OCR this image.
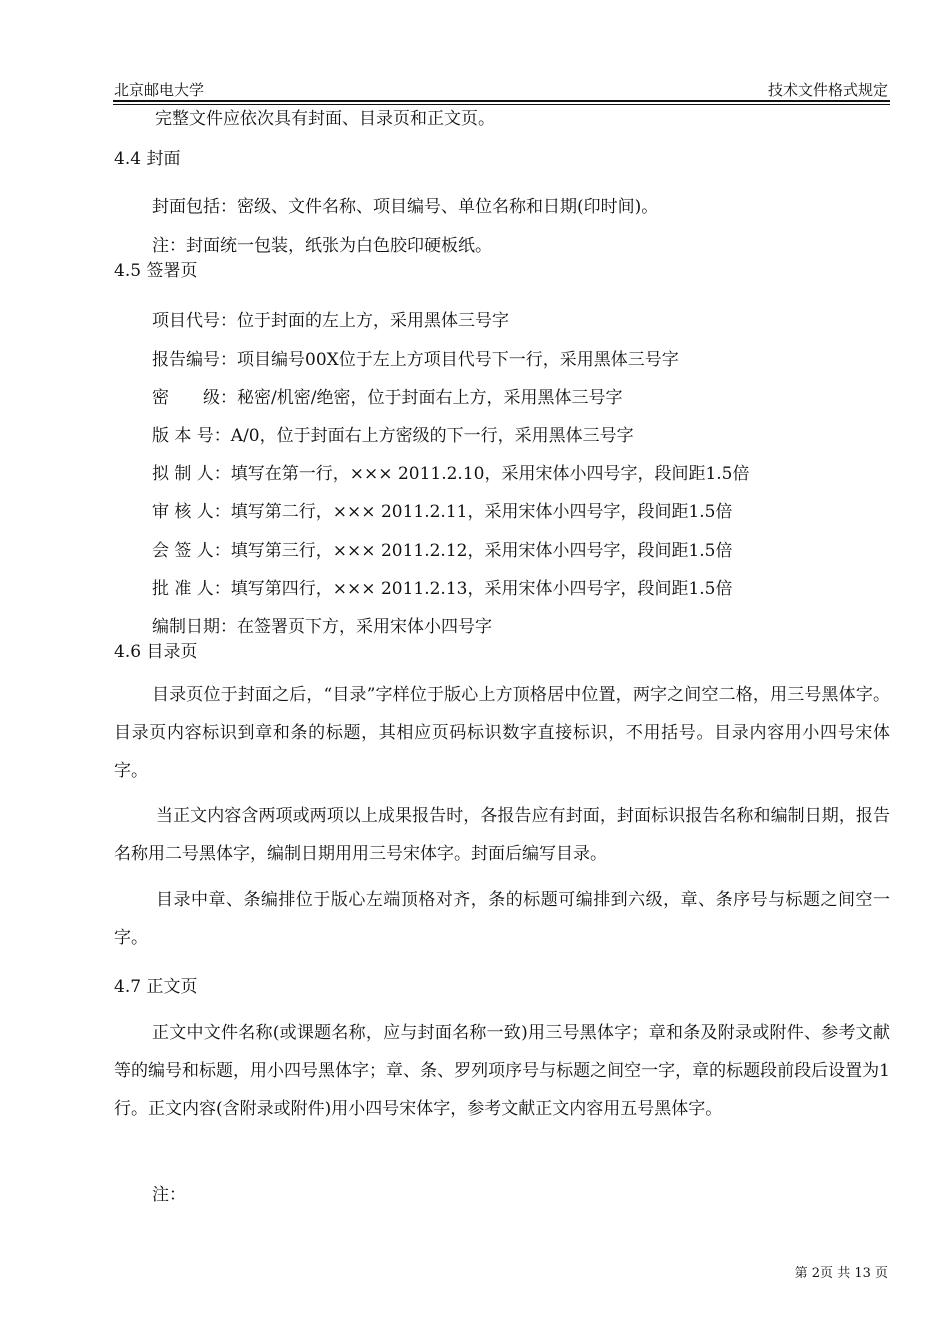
北京邮电大学	技术文件格式规定
完整文件应依次具有封面、目录页和正文页。
4.4 封面
封面包括：密级、文件名称、项目编号、单位名称和日期(印时间)。
注：封面统一包装，纸张为白色胶印硬板纸。
4.5 签署页
项目代号：位于封面的左上方，采用黑体三号字
报告编号：项目编号00X位于左上方项目代号下一行，采用黑体三号字
密　　级：秘密/机密/绝密，位于封面右上方，采用黑体三号字
版 本 号：A/0，位于封面右上方密级的下一行，采用黑体三号字
拟 制 人：填写在第一行，××× 2011.2.10，采用宋体小四号字，段间距1.5倍
审 核 人：填写第二行，××× 2011.2.11，采用宋体小四号字，段间距1.5倍
会 签 人：填写第三行，××× 2011.2.12，采用宋体小四号字，段间距1.5倍
批 准 人：填写第四行，××× 2011.2.13，采用宋体小四号字，段间距1.5倍
编制日期：在签署页下方，采用宋体小四号字
4.6 目录页
目录页位于封面之后，“目录”字样位于版心上方顶格居中位置，两字之间空二格，用三号黑体字。目录页内容标识到章和条的标题，其相应页码标识数字直接标识，不用括号。目录内容用小四号宋体字。
当正文内容含两项或两项以上成果报告时，各报告应有封面，封面标识报告名称和编制日期，报告名称用二号黑体字，编制日期用用三号宋体字。封面后编写目录。
目录中章、条编排位于版心左端顶格对齐，条的标题可编排到六级，章、条序号与标题之间空一字。
4.7 正文页
正文中文件名称(或课题名称，应与封面名称一致)用三号黑体字；章和条及附录或附件、参考文献等的编号和标题，用小四号黑体字；章、条、罗列项序号与标题之间空一字，章的标题段前段后设置为1行。正文内容(含附录或附件)用小四号宋体字，参考文献正文内容用五号黑体字。
注：
第 2页 共 13 页
